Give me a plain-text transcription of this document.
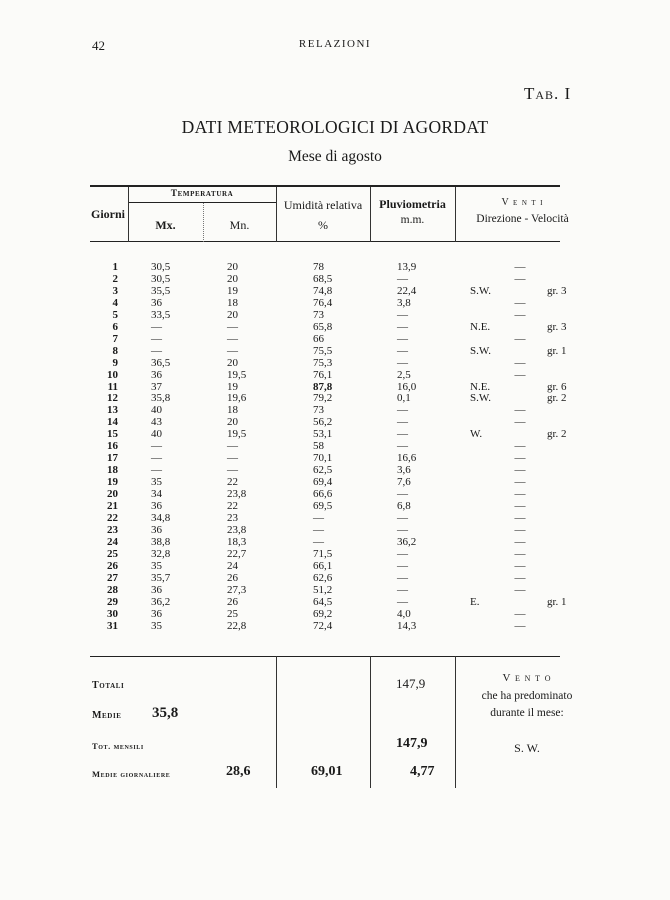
42	RELAZIONI
Tab. I
DATI METEOROLOGICI DI AGORDAT
Mese di agosto
Giorni
Temperatura
Mx.	Mn.
Umidità relativa
%
Pluviometria
m.m.
V e n t i
Direzione - Velocità
1	30,5	20	78	13,9	—
2	30,5	20	68,5	—	—
3	35,5	19	74,8	22,4	S.W.	gr. 3
4	36	18	76,4	3,8	—
5	33,5	20	73	—	—
6	—	—	65,8	—	N.E.	gr. 3
7	—	—	66	—	—
8	—	—	75,5	—	S.W.	gr. 1
9	36,5	20	75,3	—	—
10	36	19,5	76,1	2,5	—
11	37	19	87,8	16,0	N.E.	gr. 6
12	35,8	19,6	79,2	0,1	S.W.	gr. 2
13	40	18	73	—	—
14	43	20	56,2	—	—
15	40	19,5	53,1	—	W.	gr. 2
16	—	—	58	—	—
17	—	—	70,1	16,6	—
18	—	—	62,5	3,6	—
19	35	22	69,4	7,6	—
20	34	23,8	66,6	—	—
21	36	22	69,5	6,8	—
22	34,8	23	—	—	—
23	36	23,8	—	—	—
24	38,8	18,3	—	36,2	—
25	32,8	22,7	71,5	—	—
26	35	24	66,1	—	—
27	35,7	26	62,6	—	—
28	36	27,3	51,2	—	—
29	36,2	26	64,5	—	E.	gr. 1
30	36	25	69,2	4,0	—
31	35	22,8	72,4	14,3	—
Totali	147,9
Medie 35,8
Tot. mensili	147,9
Medie giornaliere	28,6	69,01	4,77
V e n t o
che ha predominato
durante il mese:
S. W.
